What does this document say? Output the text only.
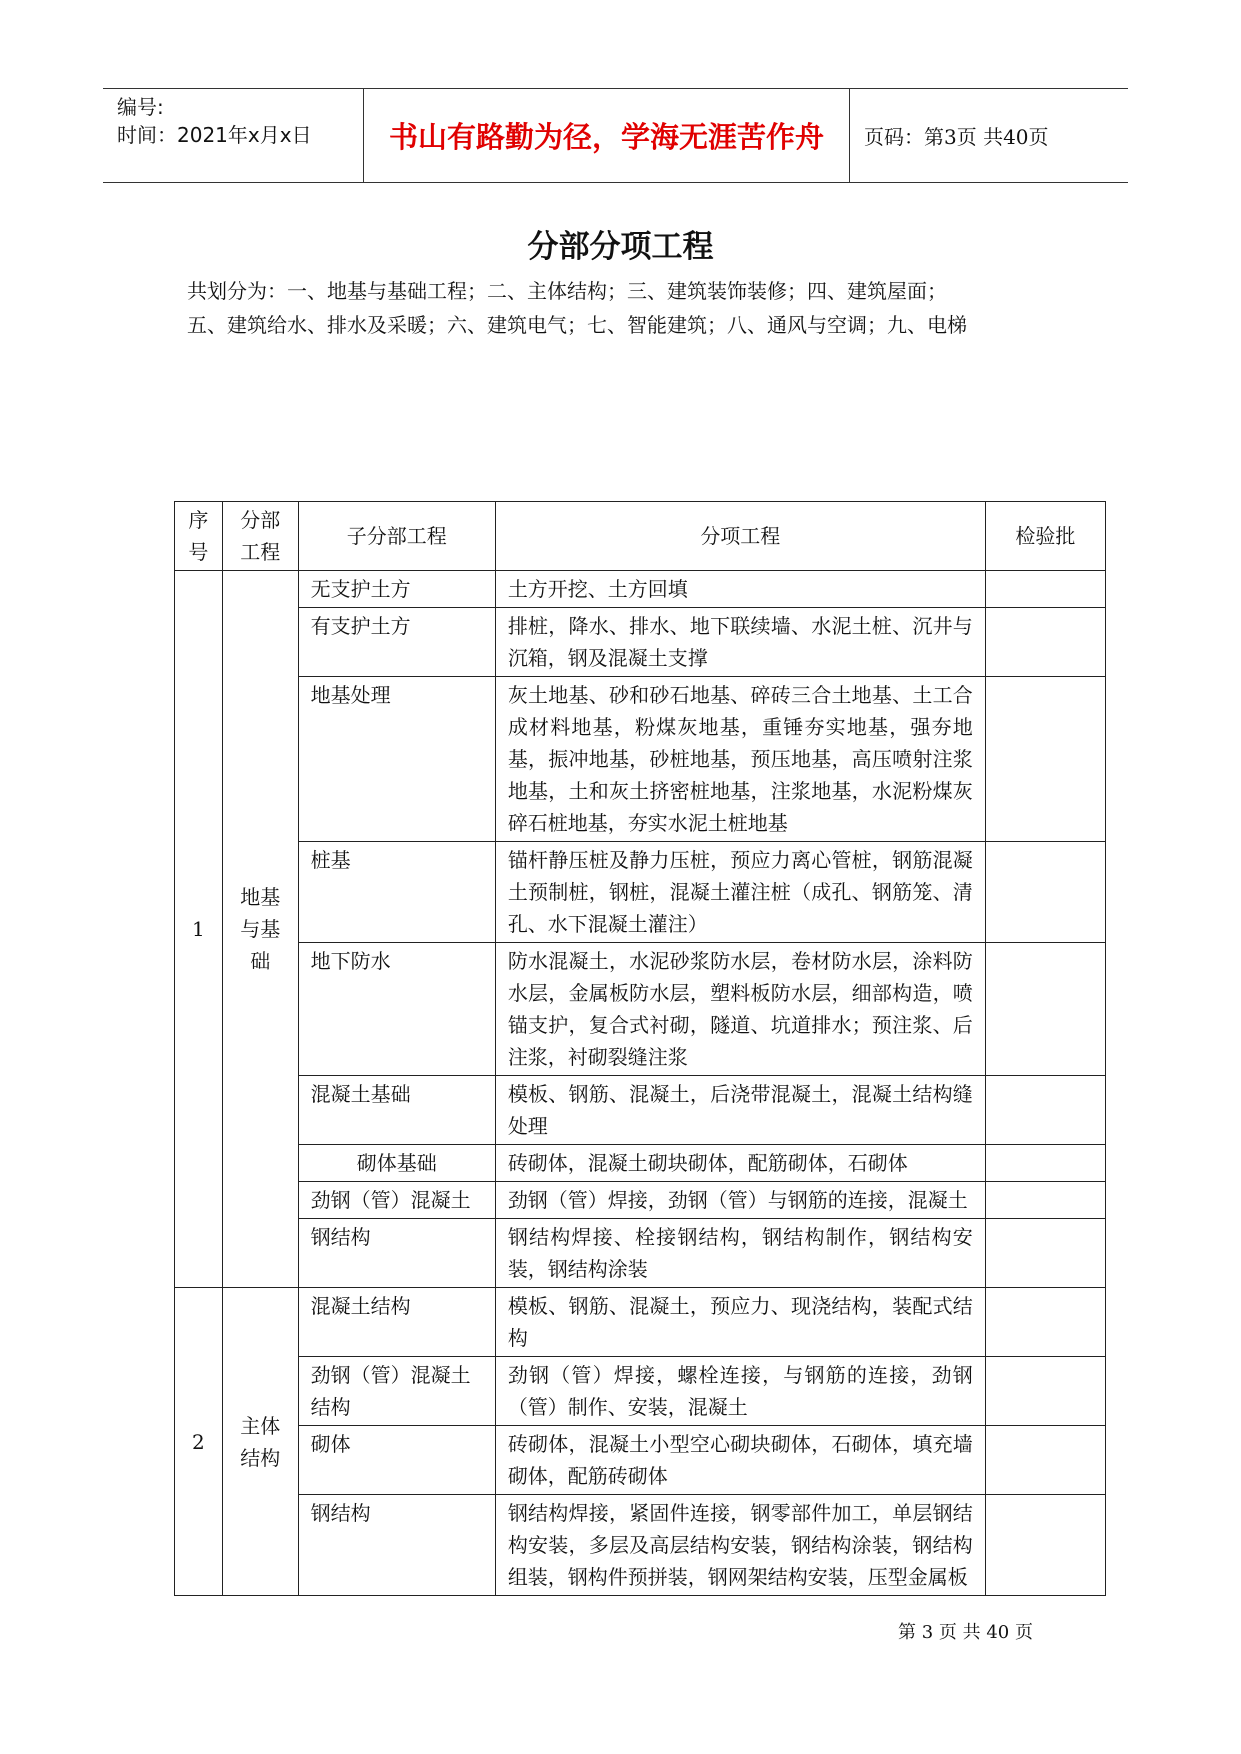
编号:
时间：2021年x月x日	书山有路勤为径，学海无涯苦作舟	页码：第3页 共40页
分部分项工程
共划分为：一、地基与基础工程；二、主体结构；三、建筑装饰装修；四、建筑屋面；
五、建筑给水、排水及采暖；六、建筑电气；七、智能建筑；八、通风与空调；九、电梯
序号	分部工程	子分部工程	分项工程	检验批
1	地基与基础	无支护土方	土方开挖、土方回填	
		有支护土方	排桩，降水、排水、地下联续墙、水泥土桩、沉井与沉箱，钢及混凝土支撑	
		地基处理	灰土地基、砂和砂石地基、碎砖三合土地基、土工合成材料地基，粉煤灰地基，重锤夯实地基，强夯地基，振冲地基，砂桩地基，预压地基，高压喷射注浆地基，土和灰土挤密桩地基，注浆地基，水泥粉煤灰碎石桩地基，夯实水泥土桩地基	
		桩基	锚杆静压桩及静力压桩，预应力离心管桩，钢筋混凝土预制桩，钢桩，混凝土灌注桩（成孔、钢筋笼、清孔、水下混凝土灌注）	
		地下防水	防水混凝土，水泥砂浆防水层，卷材防水层，涂料防水层，金属板防水层，塑料板防水层，细部构造，喷锚支护，复合式衬砌，隧道、坑道排水；预注浆、后注浆，衬砌裂缝注浆	
		混凝土基础	模板、钢筋、混凝土，后浇带混凝土，混凝土结构缝处理	
		砌体基础	砖砌体，混凝土砌块砌体，配筋砌体，石砌体	
		劲钢（管）混凝土	劲钢（管）焊接，劲钢（管）与钢筋的连接，混凝土	
		钢结构	钢结构焊接、栓接钢结构，钢结构制作，钢结构安装，钢结构涂装	
2	主体结构	混凝土结构	模板、钢筋、混凝土，预应力、现浇结构，装配式结构	
		劲钢（管）混凝土结构	劲钢（管）焊接，螺栓连接，与钢筋的连接，劲钢（管）制作、安装，混凝土	
		砌体	砖砌体，混凝土小型空心砌块砌体，石砌体，填充墙砌体，配筋砖砌体	
		钢结构	钢结构焊接，紧固件连接，钢零部件加工，单层钢结构安装，多层及高层结构安装，钢结构涂装，钢结构组装，钢构件预拼装，钢网架结构安装，压型金属板	
第 3 页 共 40 页
